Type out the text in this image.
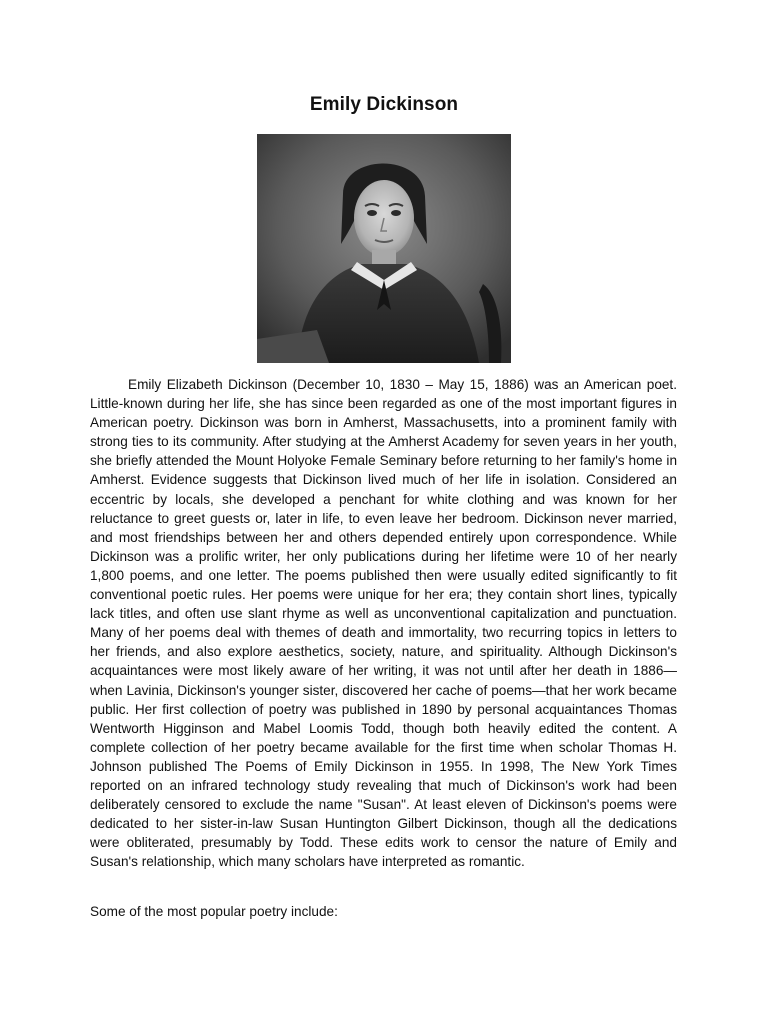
Emily Dickinson

Emily Elizabeth Dickinson (December 10, 1830 – May 15, 1886) was an American poet. Little-known during her life, she has since been regarded as one of the most important figures in American poetry. Dickinson was born in Amherst, Massachusetts, into a prominent family with strong ties to its community. After studying at the Amherst Academy for seven years in her youth, she briefly attended the Mount Holyoke Female Seminary before returning to her family's home in Amherst. Evidence suggests that Dickinson lived much of her life in isolation. Considered an eccentric by locals, she developed a penchant for white clothing and was known for her reluctance to greet guests or, later in life, to even leave her bedroom. Dickinson never married, and most friendships between her and others depended entirely upon correspondence. While Dickinson was a prolific writer, her only publications during her lifetime were 10 of her nearly 1,800 poems, and one letter. The poems published then were usually edited significantly to fit conventional poetic rules. Her poems were unique for her era; they contain short lines, typically lack titles, and often use slant rhyme as well as unconventional capitalization and punctuation. Many of her poems deal with themes of death and immortality, two recurring topics in letters to her friends, and also explore aesthetics, society, nature, and spirituality. Although Dickinson's acquaintances were most likely aware of her writing, it was not until after her death in 1886—when Lavinia, Dickinson's younger sister, discovered her cache of poems—that her work became public. Her first collection of poetry was published in 1890 by personal acquaintances Thomas Wentworth Higginson and Mabel Loomis Todd, though both heavily edited the content. A complete collection of her poetry became available for the first time when scholar Thomas H. Johnson published The Poems of Emily Dickinson in 1955. In 1998, The New York Times reported on an infrared technology study revealing that much of Dickinson's work had been deliberately censored to exclude the name "Susan". At least eleven of Dickinson's poems were dedicated to her sister-in-law Susan Huntington Gilbert Dickinson, though all the dedications were obliterated, presumably by Todd. These edits work to censor the nature of Emily and Susan's relationship, which many scholars have interpreted as romantic.

Some of the most popular poetry include:
